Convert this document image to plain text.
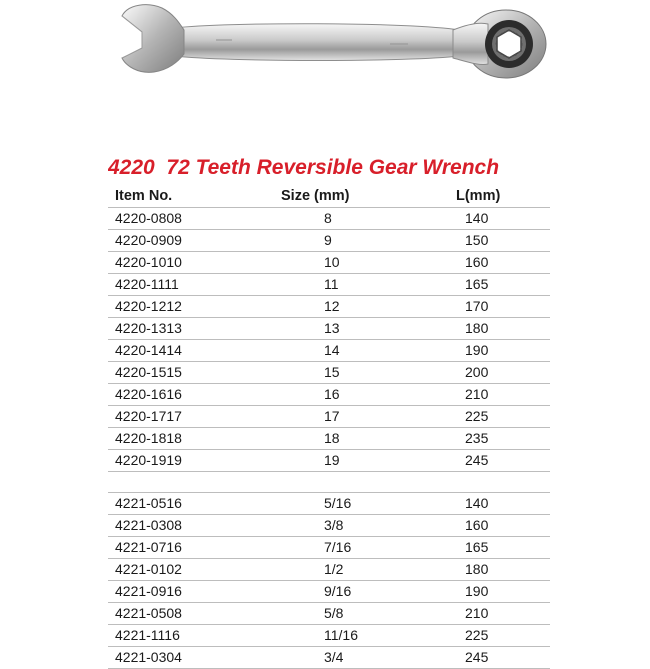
4220 72 Teeth Reversible Gear Wrench
Item No.	Size (mm)	L(mm)
4220-0808	8	140
4220-0909	9	150
4220-1010	10	160
4220-1111	11	165
4220-1212	12	170
4220-1313	13	180
4220-1414	14	190
4220-1515	15	200
4220-1616	16	210
4220-1717	17	225
4220-1818	18	235
4220-1919	19	245
4221-0516	5/16	140
4221-0308	3/8	160
4221-0716	7/16	165
4221-0102	1/2	180
4221-0916	9/16	190
4221-0508	5/8	210
4221-1116	11/16	225
4221-0304	3/4	245
